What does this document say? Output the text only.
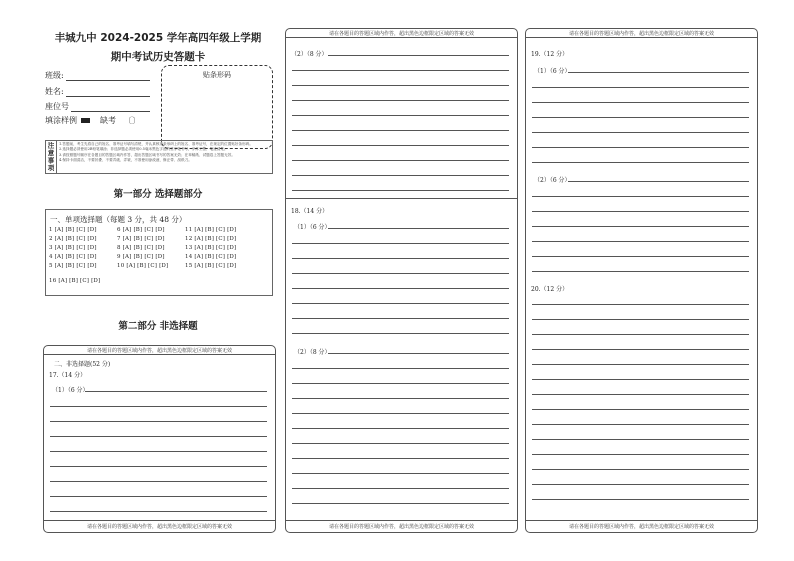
丰城九中 2024-2025 学年高四年级上学期
期中考试历史答题卡
班级:
姓名:
座位号
贴条形码
填涂样例	缺考 〔〕
注意事项	1.答题前，考生先将自己的姓名、准考证号填写清楚，并认真核准条形码上的姓名、准考证号，在规定的位置贴好条形码。
2.选择题必须使用2B铅笔填涂；非选择题必须使用0.5毫米黑色字迹的签字笔书写，字体工整、笔迹清楚。
3.请按照题号顺序在各题目的答题区域内作答，超出答题区域书写的答案无效；在草稿纸、试题卷上答题无效。
4.保持卡面清洁，不要折叠、不要弄破、弄皱，不准使用涂改液、修正带、刮纸刀。
第一部分 选择题部分
一、单项选择题（每题 3 分，共 48 分）
1 [A] [B] [C] [D]
2 [A] [B] [C] [D]
3 [A] [B] [C] [D]
4 [A] [B] [C] [D]
5 [A] [B] [C] [D]
6 [A] [B] [C] [D]
7 [A] [B] [C] [D]
8 [A] [B] [C] [D]
9 [A] [B] [C] [D]
10 [A] [B] [C] [D]
11 [A] [B] [C] [D]
12 [A] [B] [C] [D]
13 [A] [B] [C] [D]
14 [A] [B] [C] [D]
15 [A] [B] [C] [D]
16 [A] [B] [C] [D]
第二部分 非选择题
请在各题目的答题区域内作答，超出黑色边框限定区域的答案无效
二、非选择题(52 分)
17.（14 分）
（1）（6 分）
请在各题目的答题区域内作答，超出黑色边框限定区域的答案无效
请在各题目的答题区域内作答，超出黑色边框限定区域的答案无效
（2）（8 分）
18.（14 分）
（1）（6 分）
（2）（8 分）
请在各题目的答题区域内作答，超出黑色边框限定区域的答案无效
请在各题目的答题区域内作答，超出黑色边框限定区域的答案无效
19.（12 分）
（1）（6 分）
（2）（6 分）
20.（12 分）
请在各题目的答题区域内作答，超出黑色边框限定区域的答案无效
